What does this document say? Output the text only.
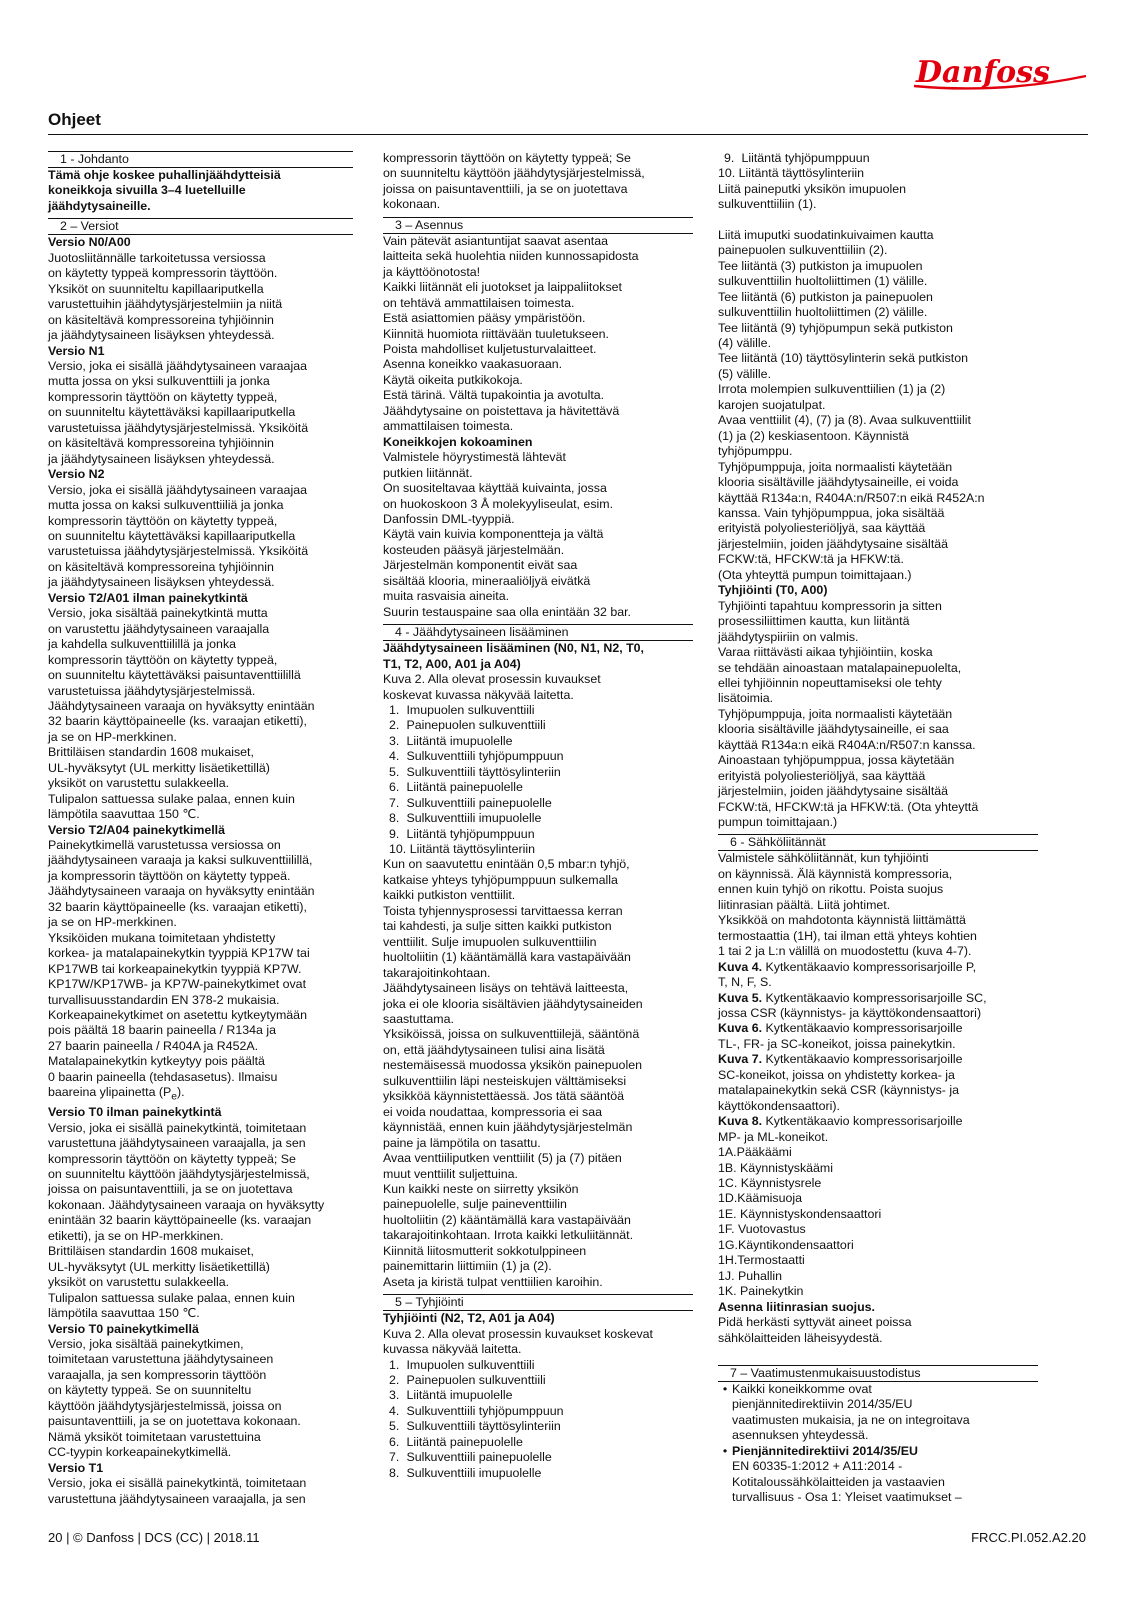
Danfoss
Ohjeet
1 - Johdanto

Tämä ohje koskee puhallinjäähdytteisiä

koneikkoja sivuilla 3–4 luetelluille

jäähdytysaineille.

2 – Versiot

Versio N0/A00

Juotosliitännälle tarkoitetussa versiossa

on käytetty typpeä kompressorin täyttöön.

Yksiköt on suunniteltu kapillaariputkella

varustettuihin jäähdytysjärjestelmiin ja niitä

on käsiteltävä kompressoreina tyhjiöinnin

ja jäähdytysaineen lisäyksen yhteydessä.

Versio N1

Versio, joka ei sisällä jäähdytysaineen varaajaa

mutta jossa on yksi sulkuventtiili ja jonka

kompressorin täyttöön on käytetty typpeä,

on suunniteltu käytettäväksi kapillaariputkella

varustetuissa jäähdytysjärjestelmissä. Yksiköitä

on käsiteltävä kompressoreina tyhjiöinnin

ja jäähdytysaineen lisäyksen yhteydessä.

Versio N2

Versio, joka ei sisällä jäähdytysaineen varaajaa

mutta jossa on kaksi sulkuventtiiliä ja jonka

kompressorin täyttöön on käytetty typpeä,

on suunniteltu käytettäväksi kapillaariputkella

varustetuissa jäähdytysjärjestelmissä. Yksiköitä

on käsiteltävä kompressoreina tyhjiöinnin

ja jäähdytysaineen lisäyksen yhteydessä.

Versio T2/A01 ilman painekytkintä

Versio, joka sisältää painekytkintä mutta

on varustettu jäähdytysaineen varaajalla

ja kahdella sulkuventtiilillä ja jonka

kompressorin täyttöön on käytetty typpeä,

on suunniteltu käytettäväksi paisuntaventtiilillä

varustetuissa jäähdytysjärjestelmissä.

Jäähdytysaineen varaaja on hyväksytty enintään

32 baarin käyttöpaineelle (ks. varaajan etiketti),

ja se on HP-merkkinen.

Brittiläisen standardin 1608 mukaiset,

UL-hyväksytyt (UL merkitty lisäetikettillä)

yksiköt on varustettu sulakkeella.

Tulipalon sattuessa sulake palaa, ennen kuin

lämpötila saavuttaa 150 ℃.

Versio T2/A04 painekytkimellä

Painekytkimellä varustetussa versiossa on

jäähdytysaineen varaaja ja kaksi sulkuventtiilillä,

ja kompressorin täyttöön on käytetty typpeä.

Jäähdytysaineen varaaja on hyväksytty enintään

32 baarin käyttöpaineelle (ks. varaajan etiketti),

ja se on HP-merkkinen.

Yksiköiden mukana toimitetaan yhdistetty

korkea- ja matalapainekytkin tyyppiä KP17W tai

KP17WB tai korkeapainekytkin tyyppiä KP7W.

KP17W/KP17WB- ja KP7W-painekytkimet ovat

turvallisuusstandardin EN 378-2 mukaisia.

Korkeapainekytkimet on asetettu kytkeytymään

pois päältä 18 baarin paineella / R134a ja

27 baarin paineella / R404A ja R452A.

Matalapainekytkin kytkeytyy pois päältä

0 baarin paineella (tehdasasetus). Ilmaisu

baareina ylipainetta $(P_e)$.

Versio T0 ilman painekytkintä

Versio, joka ei sisällä painekytkintä, toimitetaan

varustettuna jäähdytysaineen varaajalla, ja sen

kompressorin täyttöön on käytetty typpeä; Se

on suunniteltu käyttöön jäähdytysjärjestelmissä,

joissa on paisuntaventtiili, ja se on juotettava

kokonaan. Jäähdytysaineen varaaja on hyväksytty

enintään 32 baarin käyttöpaineelle (ks. varaajan

etiketti), ja se on HP-merkkinen.

Brittiläisen standardin 1608 mukaiset,

UL-hyväksytyt (UL merkitty lisäetikettillä)

yksiköt on varustettu sulakkeella.

Tulipalon sattuessa sulake palaa, ennen kuin

lämpötila saavuttaa 150 ℃.

Versio T0 painekytkimellä

Versio, joka sisältää painekytkimen,

toimitetaan varustettuna jäähdytysaineen

varaajalla, ja sen kompressorin täyttöön

on käytetty typpeä. Se on suunniteltu

käyttöön jäähdytysjärjestelmissä, joissa on

paisuntaventtiili, ja se on juotettava kokonaan.

Nämä yksiköt toimitetaan varustettuina

CC-tyypin korkeapainekytkimellä.

Versio T1

Versio, joka ei sisällä painekytkintä, toimitetaan

varustettuna jäähdytysaineen varaajalla, ja sen

kompressorin täyttöön on käytetty typpeä; Se

on suunniteltu käyttöön jäähdytysjärjestelmissä,

joissa on paisuntaventtiili, ja se on juotettava

kokonaan.

3 – Asennus

Vain pätevät asiantuntijat saavat asentaa

laitteita sekä huolehtia niiden kunnossapidosta

ja käyttöönotosta!

Kaikki liitännät eli juotokset ja laippaliitokset

on tehtävä ammattilaisen toimesta.

Estä asiattomien pääsy ympäristöön.

Kiinnitä huomiota riittävään tuuletukseen.

Poista mahdolliset kuljetusturvalaitteet.

Asenna koneikko vaakasuoraan.

Käytä oikeita putkikokoja.

Estä tärinä. Vältä tupakointia ja avotulta.

Jäähdytysaine on poistettava ja hävitettävä

ammattilaisen toimesta.

Koneikkojen kokoaminen

Valmistele höyrystimestä lähtevät

putkien liitännät.

On suositeltavaa käyttää kuivainta, jossa

on huokoskoon 3 Å molekyyliseulat, esim.

Danfossin DML-tyyppiä.

Käytä vain kuivia komponentteja ja vältä

kosteuden pääsyä järjestelmään.

Järjestelmän komponentit eivät saa

sisältää klooria, mineraaliöljyä eivätkä

muita rasvaisia aineita.

Suurin testauspaine saa olla enintään 32 bar.

4 - Jäähdytysaineen lisääminen

Jäähdytysaineen lisääminen (N0, N1, N2, T0,

T1, T2, A00, A01 ja A04)

Kuva 2. Alla olevat prosessin kuvaukset

koskevat kuvassa näkyvää laitetta.

1. Imupuolen sulkuventtiili

2. Painepuolen sulkuventtiili

3. Liitäntä imupuolelle

4. Sulkuventtiili tyhjöpumppuun

5. Sulkuventtiili täyttösylinteriin

6. Liitäntä painepuolelle

7. Sulkuventtiili painepuolelle

8. Sulkuventtiili imupuolelle

9. Liitäntä tyhjöpumppuun

10. Liitäntä täyttösylinteriin

Kun on saavutettu enintään 0,5 mbar:n tyhjö,

katkaise yhteys tyhjöpumppuun sulkemalla

kaikki putkiston venttiilit.

Toista tyhjennysprosessi tarvittaessa kerran

tai kahdesti, ja sulje sitten kaikki putkiston

venttiilit. Sulje imupuolen sulkuventtiilin

huoltoliitin (1) kääntämällä kara vastapäivään

takarajoitinkohtaan.

Jäähdytysaineen lisäys on tehtävä laitteesta,

joka ei ole klooria sisältävien jäähdytysaineiden

saastuttama.

Yksiköissä, joissa on sulkuventtiilejä, sääntönä

on, että jäähdytysaineen tulisi aina lisätä

nestemäisessä muodossa yksikön painepuolen

sulkuventtiilin läpi nesteiskujen välttämiseksi

yksikköä käynnistettäessä. Jos tätä sääntöä

ei voida noudattaa, kompressoria ei saa

käynnistää, ennen kuin jäähdytysjärjestelmän

paine ja lämpötila on tasattu.

Avaa venttiiliputken venttiilit (5) ja (7) pitäen

muut venttiilit suljettuina.

Kun kaikki neste on siirretty yksikön

painepuolelle, sulje paineventtiilin

huoltoliitin (2) kääntämällä kara vastapäivään

takarajoitinkohtaan. Irrota kaikki letkuliitännät.

Kiinnitä liitosmutterit sokkotulppineen

painemittarin liittimiin (1) ja (2).

Aseta ja kiristä tulpat venttiilien karoihin.

5 – Tyhjiöinti

Tyhjiöinti (N2, T2, A01 ja A04)

Kuva 2. Alla olevat prosessin kuvaukset koskevat

kuvassa näkyvää laitetta.

1. Imupuolen sulkuventtiili

2. Painepuolen sulkuventtiili

3. Liitäntä imupuolelle

4. Sulkuventtiili tyhjöpumppuun

5. Sulkuventtiili täyttösylinteriin

6. Liitäntä painepuolelle

7. Sulkuventtiili painepuolelle

8. Sulkuventtiili imupuolelle

9. Liitäntä tyhjöpumppuun

10. Liitäntä täyttösylinteriin

Liitä paineputki yksikön imupuolen

sulkuventtiiliin (1).

Liitä imuputki suodatinkuivaimen kautta

painepuolen sulkuventtiiliin (2).

Tee liitäntä (3) putkiston ja imupuolen

sulkuventtiilin huoltoliittimen (1) välille.

Tee liitäntä (6) putkiston ja painepuolen

sulkuventtiilin huoltoliittimen (2) välille.

Tee liitäntä (9) tyhjöpumpun sekä putkiston

(4) välille.

Tee liitäntä (10) täyttösylinterin sekä putkiston

(5) välille.

Irrota molempien sulkuventtiilien (1) ja (2)

karojen suojatulpat.

Avaa venttiilit (4), (7) ja (8). Avaa sulkuventtiilit

(1) ja (2) keskiasentoon. Käynnistä

tyhjöpumppu.

Tyhjöpumppuja, joita normaalisti käytetään

klooria sisältäville jäähdytysaineille, ei voida

käyttää R134a:n, R404A:n/R507:n eikä R452A:n

kanssa. Vain tyhjöpumppua, joka sisältää

erityistä polyoliesteriöljyä, saa käyttää

järjestelmiin, joiden jäähdytysaine sisältää

FCKW:tä, HFCKW:tä ja HFKW:tä.

(Ota yhteyttä pumpun toimittajaan.)

Tyhjiöinti (T0, A00)

Tyhjiöinti tapahtuu kompressorin ja sitten

prosessiliittimen kautta, kun liitäntä

jäähdytyspiiriin on valmis.

Varaa riittävästi aikaa tyhjiöintiin, koska

se tehdään ainoastaan matalapainepuolelta,

ellei tyhjiöinnin nopeuttamiseksi ole tehty

lisätoimia.

Tyhjöpumppuja, joita normaalisti käytetään

klooria sisältäville jäähdytysaineille, ei saa

käyttää R134a:n eikä R404A:n/R507:n kanssa.

Ainoastaan tyhjöpumppua, jossa käytetään

erityistä polyoliesteriöljyä, saa käyttää

järjestelmiin, joiden jäähdytysaine sisältää

FCKW:tä, HFCKW:tä ja HFKW:tä. (Ota yhteyttä

pumpun toimittajaan.)

6 - Sähköliitännät

Valmistele sähköliitännät, kun tyhjiöinti

on käynnissä. Älä käynnistä kompressoria,

ennen kuin tyhjö on rikottu. Poista suojus

liitinrasian päältä. Liitä johtimet.

Yksikköä on mahdotonta käynnistä liittämättä

termostaattia (1H), tai ilman että yhteys kohtien

1 tai 2 ja L:n välillä on muodostettu (kuva 4-7).

Kuva 4. Kytkentäkaavio kompressorisarjoille P,

T, N, F, S.

Kuva 5. Kytkentäkaavio kompressorisarjoille SC,

jossa CSR (käynnistys- ja käyttökondensaattori)

Kuva 6. Kytkentäkaavio kompressorisarjoille

TL-, FR- ja SC-koneikot, joissa painekytkin.

Kuva 7. Kytkentäkaavio kompressorisarjoille

SC-koneikot, joissa on yhdistetty korkea- ja

matalapainekytkin sekä CSR (käynnistys- ja

käyttökondensaattori).

Kuva 8. Kytkentäkaavio kompressorisarjoille

MP- ja ML-koneikot.

1A.Pääkäämi

1B. Käynnistyskäämi

1C. Käynnistysrele

1D.Käämisuoja

1E. Käynnistyskondensaattori

1F. Vuotovastus

1G.Käyntikondensaattori

1H.Termostaatti

1J. Puhallin

1K. Painekytkin

Asenna liitinrasian suojus.

Pidä herkästi syttyvät aineet poissa

sähkölaitteiden läheisyydestä.

7 – Vaatimustenmukaisuustodistus

• Kaikki koneikkomme ovat

pienjännitedirektiivin 2014/35/EU

vaatimusten mukaisia, ja ne on integroitava

asennuksen yhteydessä.

• Pienjännitedirektiivi 2014/35/EU

EN 60335-1:2012 + A11:2014 -

Kotitaloussähkölaitteiden ja vastaavien

turvallisuus - Osa 1: Yleiset vaatimukset –

20 | © Danfoss | DCS (CC) | 2018.11	FRCC.PI.052.A2.20
